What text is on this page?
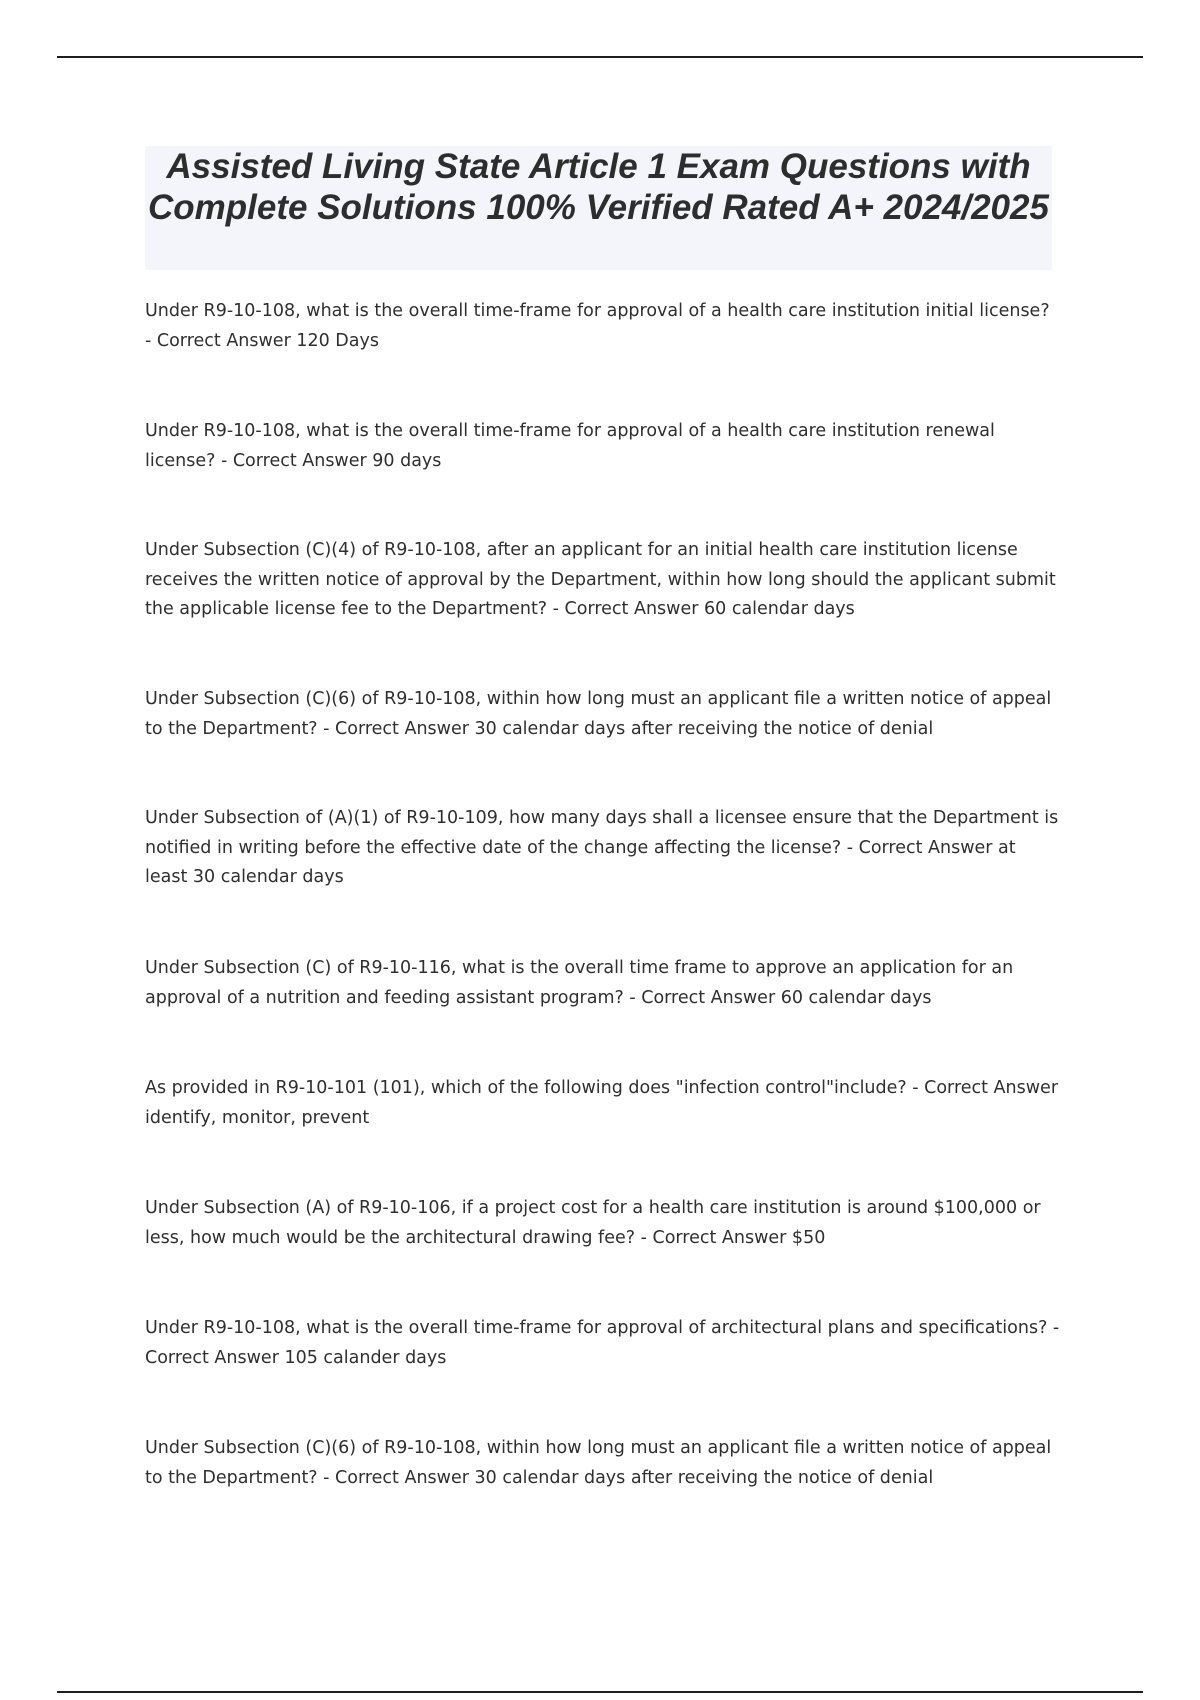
Assisted Living State Article 1 Exam Questions with Complete Solutions 100% Verified Rated A+ 2024/2025

Under R9-10-108, what is the overall time-frame for approval of a health care institution initial license? - Correct Answer 120 Days

Under R9-10-108, what is the overall time-frame for approval of a health care institution renewal license? - Correct Answer 90 days

Under Subsection (C)(4) of R9-10-108, after an applicant for an initial health care institution license receives the written notice of approval by the Department, within how long should the applicant submit the applicable license fee to the Department? - Correct Answer 60 calendar days

Under Subsection (C)(6) of R9-10-108, within how long must an applicant file a written notice of appeal to the Department? - Correct Answer 30 calendar days after receiving the notice of denial

Under Subsection of (A)(1) of R9-10-109, how many days shall a licensee ensure that the Department is notified in writing before the effective date of the change affecting the license? - Correct Answer at least 30 calendar days

Under Subsection (C) of R9-10-116, what is the overall time frame to approve an application for an approval of a nutrition and feeding assistant program? - Correct Answer 60 calendar days

As provided in R9-10-101 (101), which of the following does "infection control"include? - Correct Answer identify, monitor, prevent

Under Subsection (A) of R9-10-106, if a project cost for a health care institution is around $100,000 or less, how much would be the architectural drawing fee? - Correct Answer $50

Under R9-10-108, what is the overall time-frame for approval of architectural plans and specifications? - Correct Answer 105 calander days

Under Subsection (C)(6) of R9-10-108, within how long must an applicant file a written notice of appeal to the Department? - Correct Answer 30 calendar days after receiving the notice of denial
